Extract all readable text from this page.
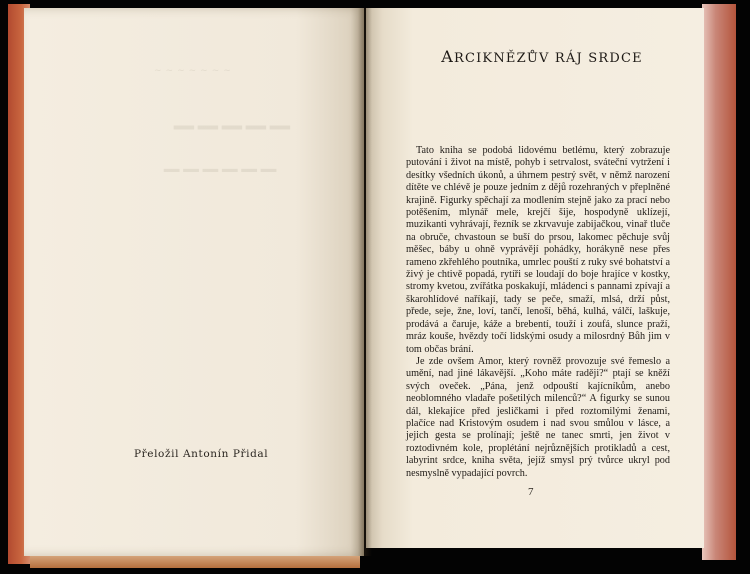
~~~~~~~
▁▁▁▁▁
▁▁▁▁▁▁
Přeložil Antonín Přidal
ARCIKNĚZŮV RÁJ SRDCE

Tato kniha se podobá lidovému betlému, který zobrazuje putování i život na místě, pohyb i setrvalost, sváteční vytržení i desítky všedních úkonů, a úhrnem pestrý svět, v němž narození dítěte ve chlévě je pouze jedním z dějů rozehraných v přeplněné krajině. Figurky spěchají za modlením stejně jako za prací nebo potěšením, mlynář mele, krejčí šije, hospodyně uklízejí, muzikanti vyhrávají, řezník se zkrvavuje zabijačkou, vinař tluče na obruče, chvastoun se buší do prsou, lakomec pěchuje svůj měšec, báby u ohně vyprávějí pohádky, horákyně nese přes rameno zkřehlého poutníka, umrlec pouští z ruky své bohatství a živý je chtivě popadá, rytíři se loudají do boje hrajíce v kostky, stromy kvetou, zvířátka poskakují, mládenci s pannami zpívají a škarohlídové naříkají, tady se peče, smaží, mlsá, drží půst, přede, seje, žne, loví, tančí, lenoší, běhá, kulhá, válčí, laškuje, prodává a čaruje, káže a brebentí, touží i zoufá, slunce praží, mráz kouše, hvězdy točí lidskými osudy a milosrdný Bůh jim v tom občas brání.

Je zde ovšem Amor, který rovněž provozuje své řemeslo a umění, nad jiné lákavější. „Koho máte raději?“ ptají se kněží svých oveček. „Pána, jenž odpouští kajícníkům, anebo neoblomného vladaře pošetilých milenců?“ A figurky se sunou dál, klekajíce před jesličkami i před roztomilými ženami, plačíce nad Kristovým osudem i nad svou smůlou v lásce, a jejich gesta se prolínají; ještě ne tanec smrti, jen život v roztodivném kole, proplétání nejrůznějších protikladů a cest, labyrint srdce, kniha světa, jejíž smysl prý tvůrce ukryl pod nesmyslně vypadající povrch.

7
